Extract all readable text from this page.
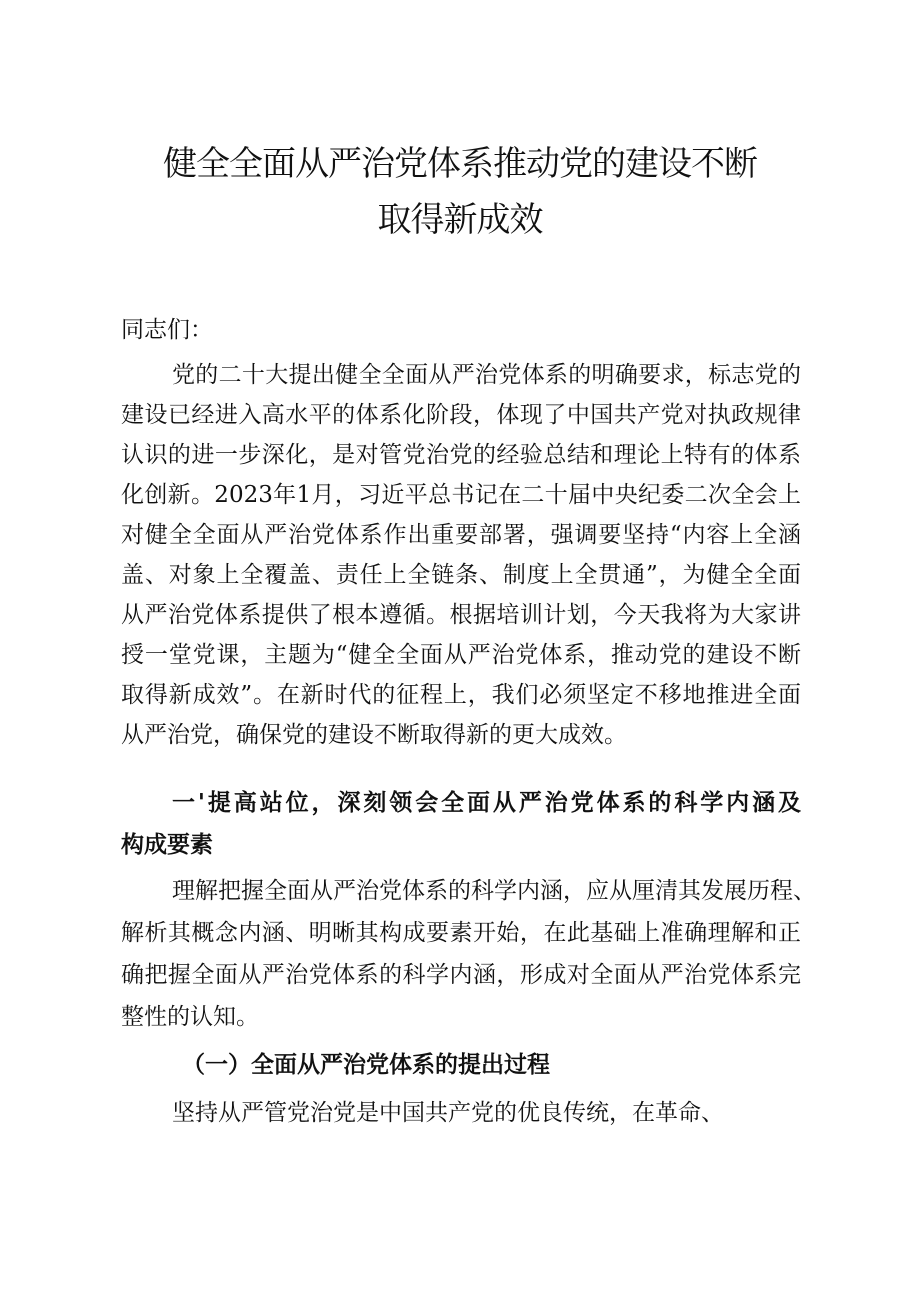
健全全面从严治党体系推动党的建设不断
取得新成效
同志们：
党的二十大提出健全全面从严治党体系的明确要求，标志党的
建设已经进入高水平的体系化阶段，体现了中国共产党对执政规律
认识的进一步深化，是对管党治党的经验总结和理论上特有的体系
化创新。2023年1月，习近平总书记在二十届中央纪委二次全会上
对健全全面从严治党体系作出重要部署，强调要坚持“内容上全涵
盖、对象上全覆盖、责任上全链条、制度上全贯通”，为健全全面
从严治党体系提供了根本遵循。根据培训计划，今天我将为大家讲
授一堂党课，主题为“健全全面从严治党体系，推动党的建设不断
取得新成效”。在新时代的征程上，我们必须坚定不移地推进全面
从严治党，确保党的建设不断取得新的更大成效。
一'提高站位，深刻领会全面从严治党体系的科学内涵及
构成要素
理解把握全面从严治党体系的科学内涵，应从厘清其发展历程、
解析其概念内涵、明晰其构成要素开始，在此基础上准确理解和正
确把握全面从严治党体系的科学内涵，形成对全面从严治党体系完
整性的认知。
（一）全面从严治党体系的提出过程
坚持从严管党治党是中国共产党的优良传统，在革命、
